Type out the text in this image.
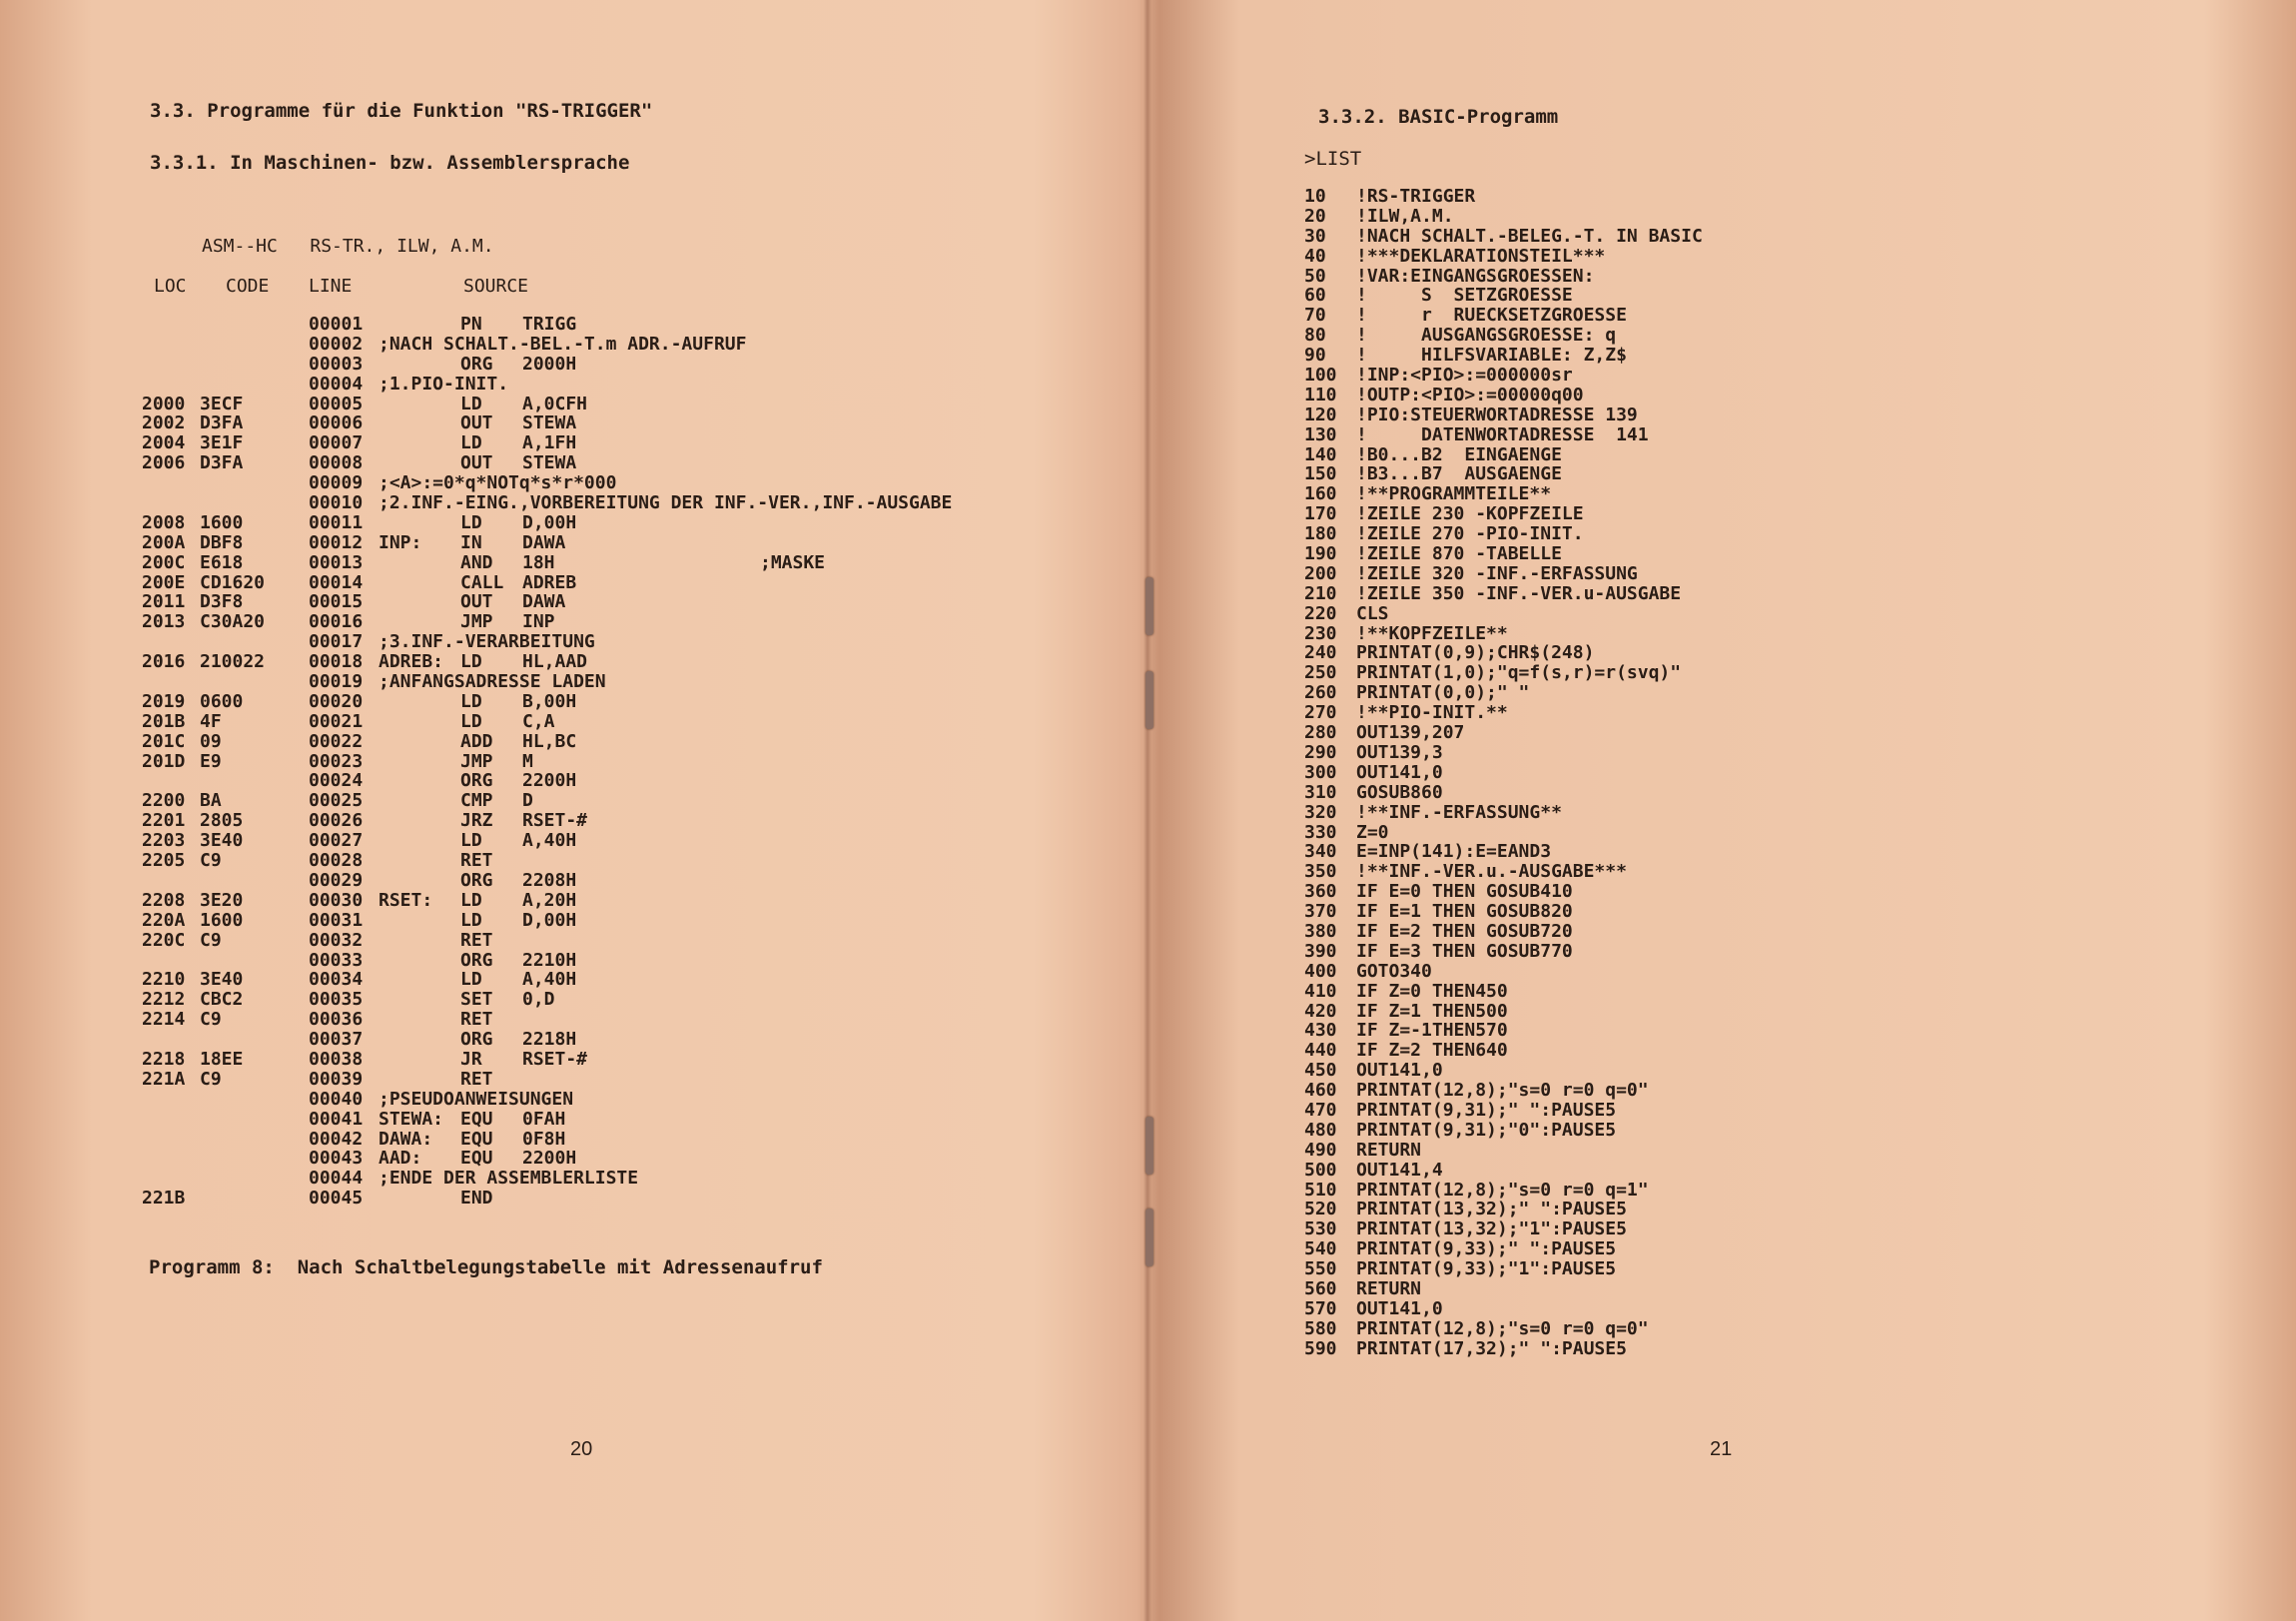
3.3. Programme für die Funktion "RS-TRIGGER"
3.3.1. In Maschinen- bzw. Assemblersprache
ASM--HC   RS-TR., ILW, A.M.
LOC CODE LINE	SOURCE
00001	PN TRIGG
00002 ;NACH SCHALT.-BEL.-T.m ADR.-AUFRUF
00003	ORG 2000H
00004 ;1.PIO-INIT.
2000 3ECF	00005	LD A,0CFH
2002 D3FA	00006	OUT STEWA
2004 3E1F	00007	LD A,1FH
2006 D3FA	00008	OUT STEWA
00009 ;<A>:=0*q*NOTq*s*r*000
00010 ;2.INF.-EING.,VORBEREITUNG DER INF.-VER.,INF.-AUSGABE
2008 1600	00011	LD D,00H
200A DBF8	00012 INP: IN DAWA
200C E618	00013	AND 18H	;MASKE
200E CD1620 00014	CALL ADREB
2011 D3F8	00015	OUT DAWA
2013 C30A20 00016	JMP INP
00017 ;3.INF.-VERARBEITUNG
2016 210022 00018 ADREB: LD HL,AAD
00019 ;ANFANGSADRESSE LADEN
2019 0600	00020	LD B,00H
201B 4F	00021	LD C,A
201C 09	00022	ADD HL,BC
201D E9	00023	JMP M
00024	ORG 2200H
2200 BA	00025	CMP D
2201 2805	00026	JRZ RSET-#
2203 3E40	00027	LD A,40H
2205 C9	00028	RET
00029	ORG 2208H
2208 3E20	00030 RSET: LD A,20H
220A 1600	00031	LD D,00H
220C C9	00032	RET
00033	ORG 2210H
2210 3E40	00034	LD A,40H
2212 CBC2	00035	SET 0,D
2214 C9	00036	RET
00037	ORG 2218H
2218 18EE	00038	JR RSET-#
221A C9	00039	RET
00040 ;PSEUDOANWEISUNGEN
00041 STEWA: EQU 0FAH
00042 DAWA: EQU 0F8H
00043 AAD: EQU 2200H
00044 ;ENDE DER ASSEMBLERLISTE
221B	00045	END
Programm 8:  Nach Schaltbelegungstabelle mit Adressenaufruf
20
3.3.2. BASIC-Programm
>LIST
10 !RS-TRIGGER
20 !ILW,A.M.
30 !NACH SCHALT.-BELEG.-T. IN BASIC
40 !***DEKLARATIONSTEIL***
50 !VAR:EINGANGSGROESSEN:
60 !     S  SETZGROESSE
70 !     r  RUECKSETZGROESSE
80 !     AUSGANGSGROESSE: q
90 !     HILFSVARIABLE: Z,Z$
100 !INP:<PIO>:=000000sr
110 !OUTP:<PIO>:=00000q00
120 !PIO:STEUERWORTADRESSE 139
130 !     DATENWORTADRESSE  141
140 !B0...B2  EINGAENGE
150 !B3...B7  AUSGAENGE
160 !**PROGRAMMTEILE**
170 !ZEILE 230 -KOPFZEILE
180 !ZEILE 270 -PIO-INIT.
190 !ZEILE 870 -TABELLE
200 !ZEILE 320 -INF.-ERFASSUNG
210 !ZEILE 350 -INF.-VER.u-AUSGABE
220 CLS
230 !**KOPFZEILE**
240 PRINTAT(0,9);CHR$(248)
250 PRINTAT(1,0);"q=f(s,r)=r(svq)"
260 PRINTAT(0,0);" "
270 !**PIO-INIT.**
280 OUT139,207
290 OUT139,3
300 OUT141,0
310 GOSUB860
320 !**INF.-ERFASSUNG**
330 Z=0
340 E=INP(141):E=EAND3
350 !**INF.-VER.u.-AUSGABE***
360 IF E=0 THEN GOSUB410
370 IF E=1 THEN GOSUB820
380 IF E=2 THEN GOSUB720
390 IF E=3 THEN GOSUB770
400 GOTO340
410 IF Z=0 THEN450
420 IF Z=1 THEN500
430 IF Z=-1THEN570
440 IF Z=2 THEN640
450 OUT141,0
460 PRINTAT(12,8);"s=0 r=0 q=0"
470 PRINTAT(9,31);" ":PAUSE5
480 PRINTAT(9,31);"0":PAUSE5
490 RETURN
500 OUT141,4
510 PRINTAT(12,8);"s=0 r=0 q=1"
520 PRINTAT(13,32);" ":PAUSE5
530 PRINTAT(13,32);"1":PAUSE5
540 PRINTAT(9,33);" ":PAUSE5
550 PRINTAT(9,33);"1":PAUSE5
560 RETURN
570 OUT141,0
580 PRINTAT(12,8);"s=0 r=0 q=0"
590 PRINTAT(17,32);" ":PAUSE5
21
